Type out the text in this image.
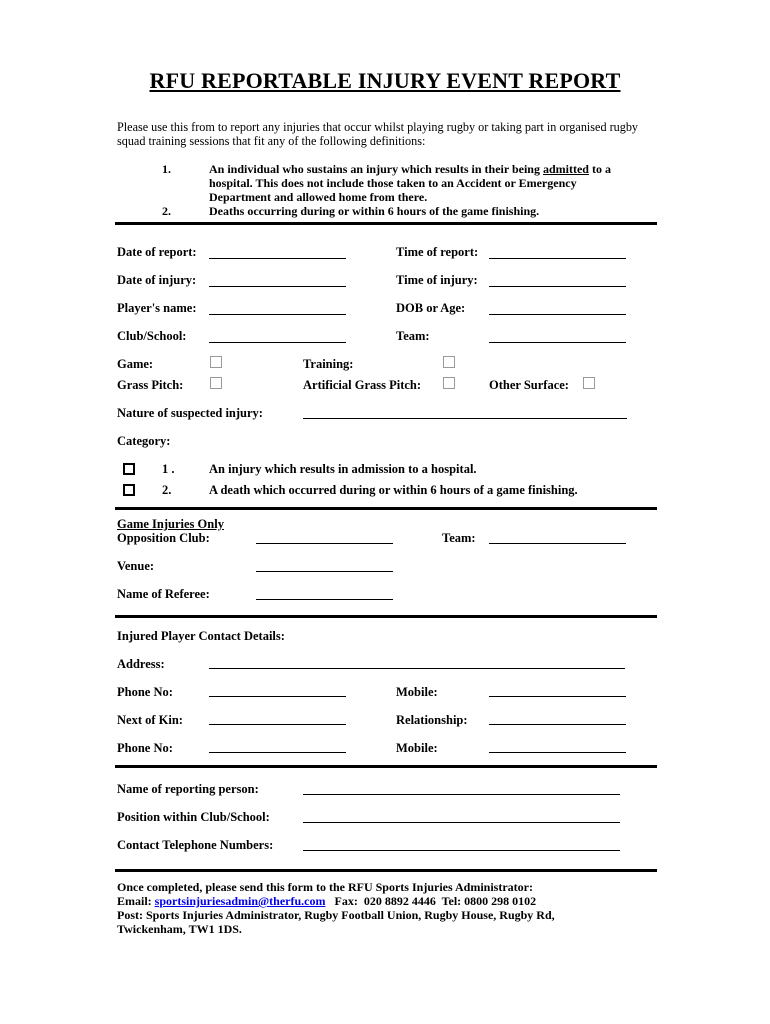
RFU REPORTABLE INJURY EVENT REPORT
Please use this from to report any injuries that occur whilst playing rugby or taking part in organised rugby squad training sessions that fit any of the following definitions:
1.	An individual who sustains an injury which results in their being admitted to a hospital. This does not include those taken to an Accident or Emergency Department and allowed home from there.
2.	Deaths occurring during or within 6 hours of the game finishing.
Date of report:	Time of report:
Date of injury:	Time of injury:
Player's name:	DOB or Age:
Club/School:	Team:
Game:	Training:
Grass Pitch:	Artificial Grass Pitch:	Other Surface:
Nature of suspected injury:
Category:
1 .	An injury which results in admission to a hospital.
2.	A death which occurred during or within 6 hours of a game finishing.
Game Injuries Only
Opposition Club:	Team:
Venue:
Name of Referee:
Injured Player Contact Details:
Address:
Phone No:	Mobile:
Next of Kin:	Relationship:
Phone No:	Mobile:
Name of reporting person:
Position within Club/School:
Contact Telephone Numbers:
Once completed, please send this form to the RFU Sports Injuries Administrator:
Email: sportsinjuriesadmin@therfu.com   Fax:  020 8892 4446  Tel: 0800 298 0102
Post: Sports Injuries Administrator, Rugby Football Union, Rugby House, Rugby Rd,
Twickenham, TW1 1DS.
